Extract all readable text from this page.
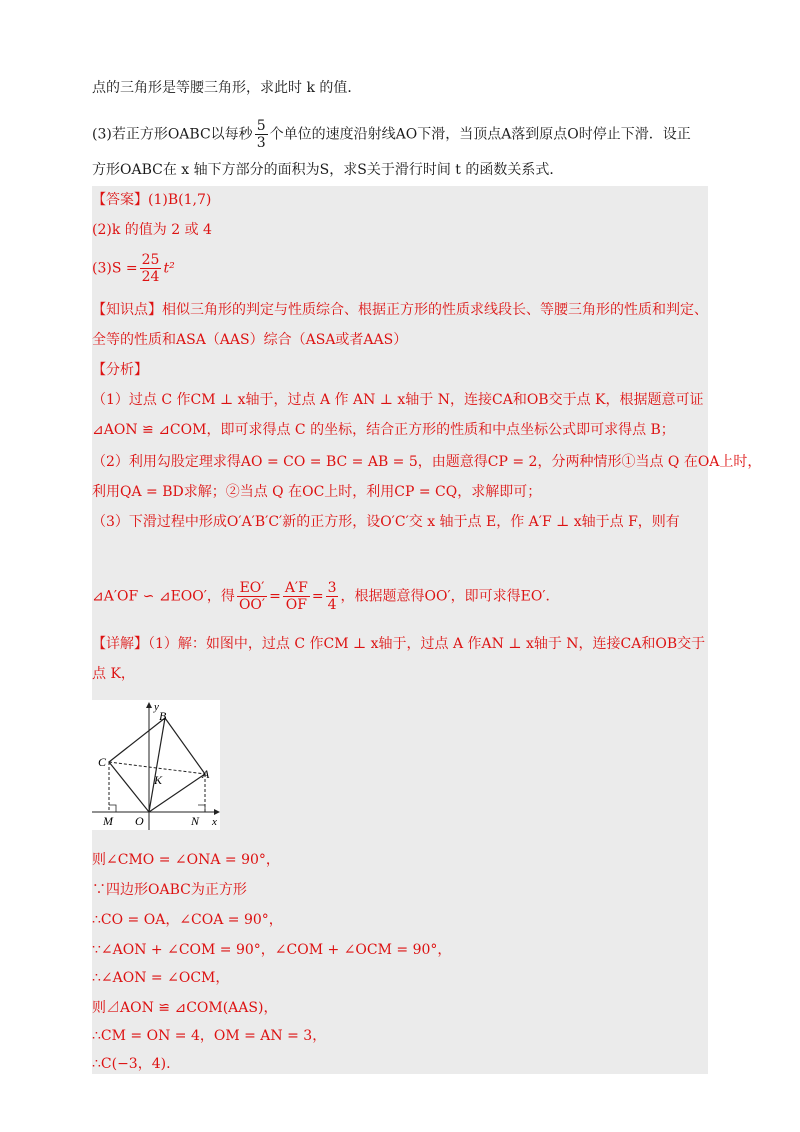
点的三角形是等腰三角形，求此时 k 的值．
(3)若正方形OABC以每秒 $\frac{5}{3}$ 个单位的速度沿射线AO下滑，当顶点A落到原点O时停止下滑．设正
方形OABC在 x 轴下方部分的面积为S，求S关于滑行时间 t 的函数关系式．
【答案】(1)B(1,7)
(2)k 的值为 2 或 4
$(3)S = \frac{25}{24} t^2$
【知识点】相似三角形的判定与性质综合、根据正方形的性质求线段长、等腰三角形的性质和判定、
全等的性质和ASA（AAS）综合（ASA或者AAS）
【分析】
（1）过点 C 作CM ⊥ x轴于，过点 A 作 AN ⊥ x轴于 N，连接CA和OB交于点 K，根据题意可证
⊿AON ≌ ⊿COM，即可求得点 C 的坐标，结合正方形的性质和中点坐标公式即可求得点 B；
（2）利用勾股定理求得AO = CO = BC = AB = 5，由题意得CP = 2，分两种情形①当点 Q 在OA上时，
利用QA = BD求解；②当点 Q 在OC上时，利用CP = CQ，求解即可；
（3）下滑过程中形成O′A′B′C′新的正方形，设O′C′交 x 轴于点 E，作 A′F ⊥ x轴于点 F，则有
⊿A′OF ∽ ⊿EOO′，得 $\frac{EO'}{OO'} = \frac{A'F}{OF} = \frac{3}{4}$ ，根据题意得OO′，即可求得EO′．
【详解】（1）解：如图中，过点 C 作CM ⊥ x轴于，过点 A 作AN ⊥ x轴于 N，连接CA和OB交于
点 K，
y
x
B
C
A
K
M O	N
则∠CMO = ∠ONA = 90°，
∵四边形OABC为正方形
∴CO = OA，∠COA = 90°，
∵∠AON + ∠COM = 90°，∠COM + ∠OCM = 90°，
∴∠AON = ∠OCM，
则⊿AON ≌ ⊿COM(AAS)，
∴CM = ON = 4，OM = AN = 3，
∴C(−3，4).
